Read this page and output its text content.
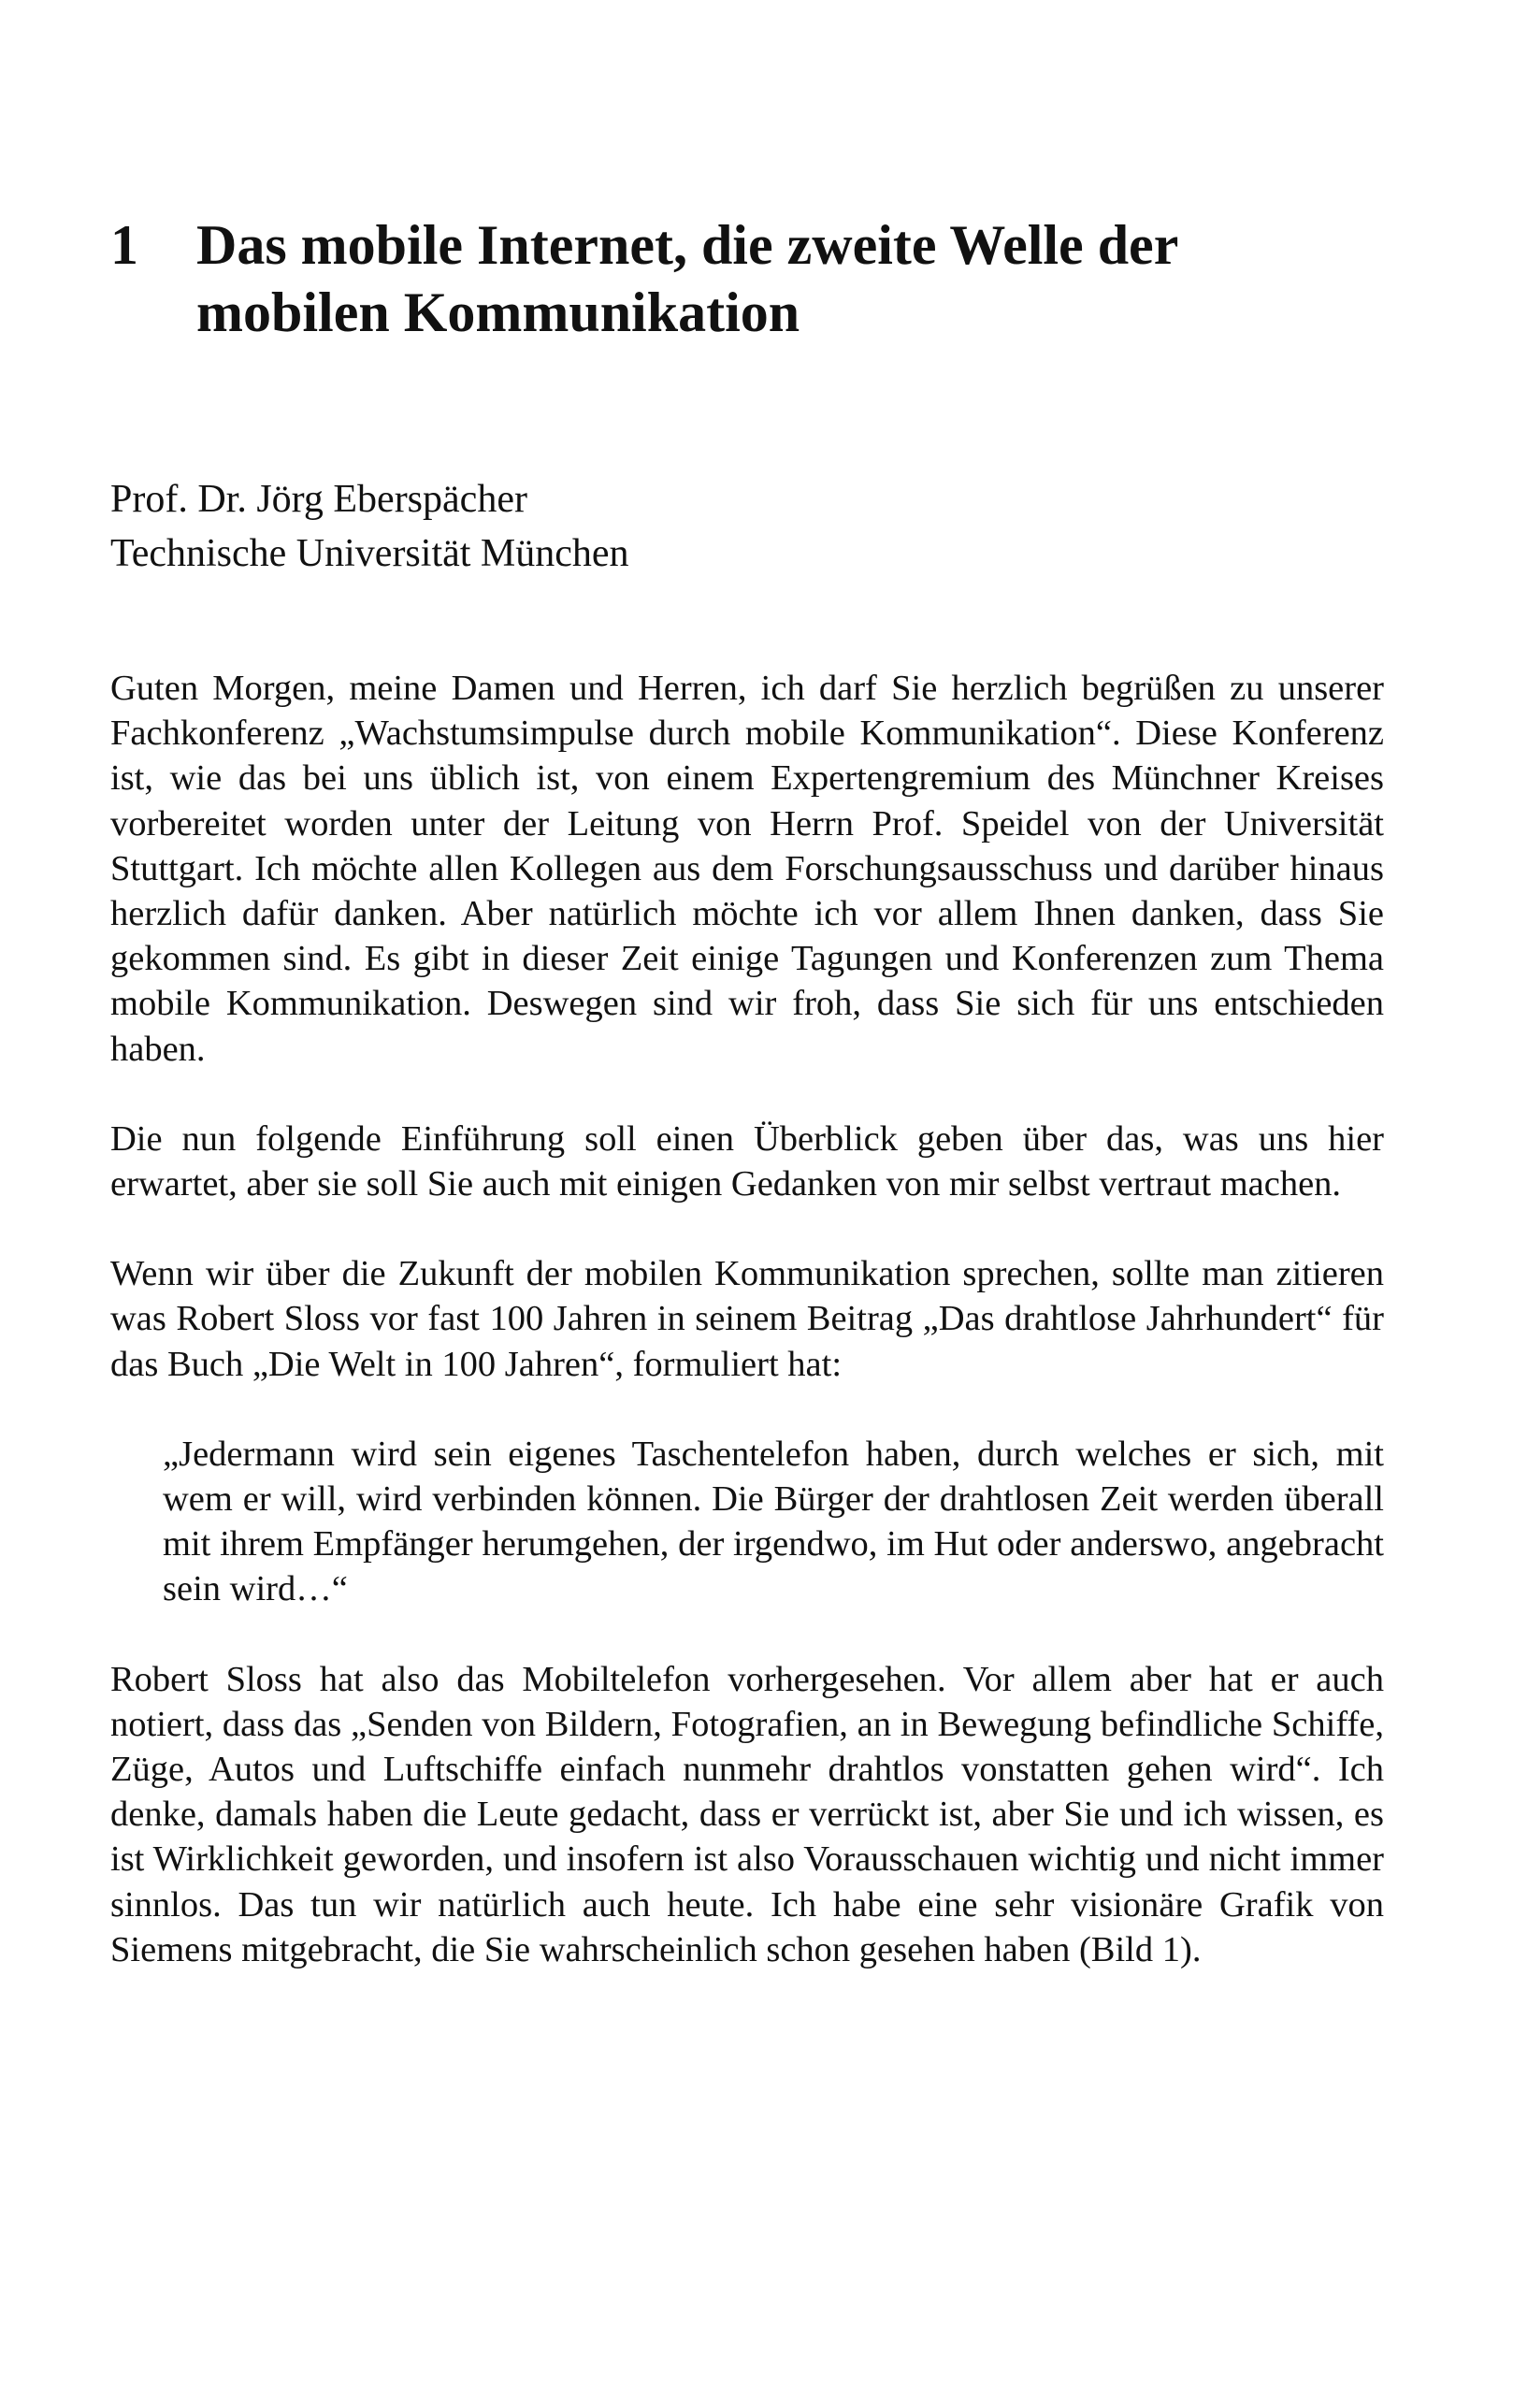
1	Das mobile Internet, die zweite Welle der mobilen Kommunikation
Prof. Dr. Jörg Eberspächer
Technische Universität München

Guten Morgen, meine Damen und Herren, ich darf Sie herzlich begrüßen zu unserer Fachkonferenz „Wachstumsimpulse durch mobile Kommunikation“. Diese Konferenz ist, wie das bei uns üblich ist, von einem Expertengremium des Münchner Kreises vorbereitet worden unter der Leitung von Herrn Prof. Speidel von der Universität Stuttgart. Ich möchte allen Kollegen aus dem Forschungsausschuss und darüber hinaus herzlich dafür danken. Aber natürlich möchte ich vor allem Ihnen danken, dass Sie gekommen sind. Es gibt in dieser Zeit einige Tagungen und Konferenzen zum Thema mobile Kommunikation. Deswegen sind wir froh, dass Sie sich für uns entschieden haben.

Die nun folgende Einführung soll einen Überblick geben über das, was uns hier erwartet, aber sie soll Sie auch mit einigen Gedanken von mir selbst vertraut machen.

Wenn wir über die Zukunft der mobilen Kommunikation sprechen, sollte man zitieren was Robert Sloss vor fast 100 Jahren in seinem Beitrag „Das drahtlose Jahrhundert“ für das Buch „Die Welt in 100 Jahren“, formuliert hat:

„Jedermann wird sein eigenes Taschentelefon haben, durch welches er sich, mit wem er will, wird verbinden können. Die Bürger der drahtlosen Zeit werden überall mit ihrem Empfänger herumgehen, der irgendwo, im Hut oder anderswo, angebracht sein wird…“

Robert Sloss hat also das Mobiltelefon vorhergesehen. Vor allem aber hat er auch notiert, dass das „Senden von Bildern, Fotografien, an in Bewegung befindliche Schiffe, Züge, Autos und Luftschiffe einfach nunmehr drahtlos vonstatten gehen wird“. Ich denke, damals haben die Leute gedacht, dass er verrückt ist, aber Sie und ich wissen, es ist Wirklichkeit geworden, und insofern ist also Vorausschauen wichtig und nicht immer sinnlos. Das tun wir natürlich auch heute. Ich habe eine sehr visionäre Grafik von Siemens mitgebracht, die Sie wahrscheinlich schon gesehen haben (Bild 1).
